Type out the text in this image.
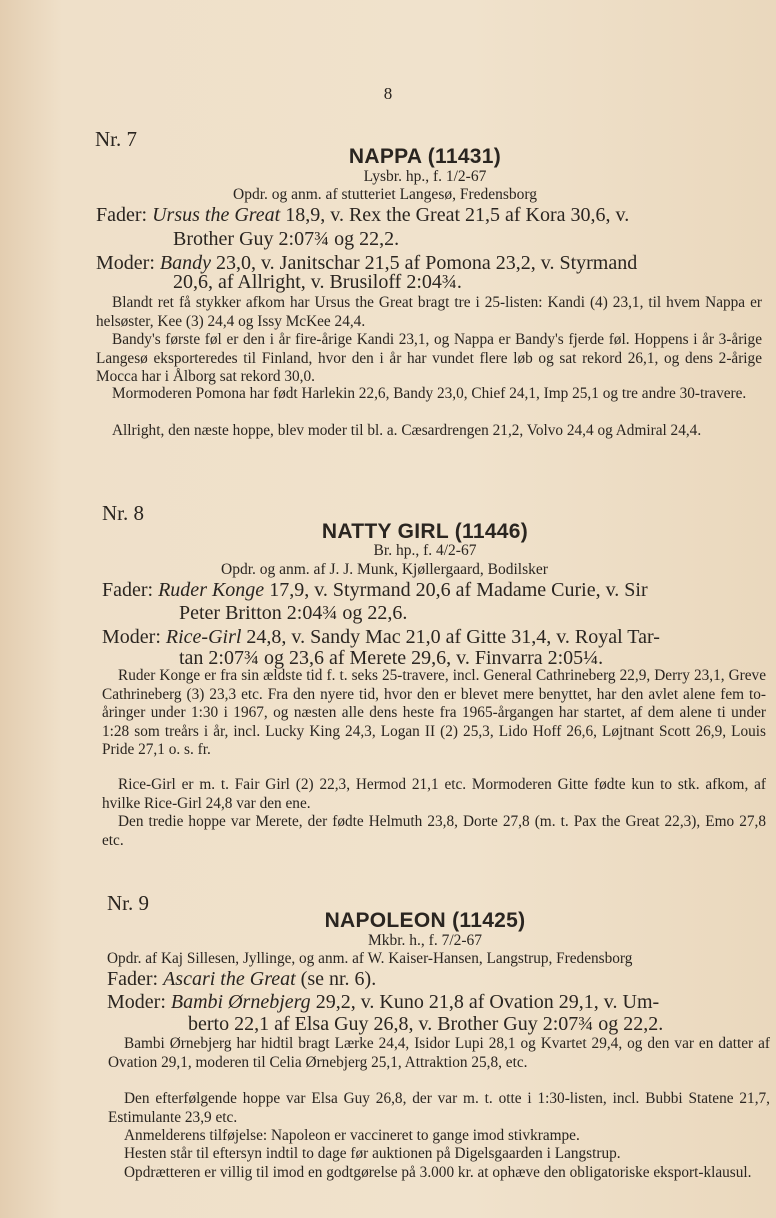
8
Nr. 7
NAPPA (11431)
Lysbr. hp., f. 1/2-67
Opdr. og anm. af stutteriet Langesø, Fredensborg
Fader: Ursus the Great 18,9, v. Rex the Great 21,5 af Kora 30,6, v.
Brother Guy 2:07¾ og 22,2.
Moder: Bandy 23,0, v. Janitschar 21,5 af Pomona 23,2, v. Styrmand
20,6, af Allright, v. Brusiloff 2:04¾.
Blandt ret få stykker afkom har Ursus the Great bragt tre i 25-listen: Kandi (4) 23,1, til hvem Nappa er helsøster, Kee (3) 24,4 og Issy McKee 24,4.
Bandy's første føl er den i år fire-årige Kandi 23,1, og Nappa er Bandy's fjerde føl. Hoppens i år 3-årige Langesø eksporteredes til Finland, hvor den i år har vundet flere løb og sat rekord 26,1, og dens 2-årige Mocca har i Ålborg sat rekord 30,0.
Mormoderen Pomona har født Harlekin 22,6, Bandy 23,0, Chief 24,1, Imp 25,1 og tre andre 30-travere.
Allright, den næste hoppe, blev moder til bl. a. Cæsardrengen 21,2, Volvo 24,4 og Admiral 24,4.
Nr. 8
NATTY GIRL (11446)
Br. hp., f. 4/2-67
Opdr. og anm. af J. J. Munk, Kjøllergaard, Bodilsker
Fader: Ruder Konge 17,9, v. Styrmand 20,6 af Madame Curie, v. Sir
Peter Britton 2:04¾ og 22,6.
Moder: Rice-Girl 24,8, v. Sandy Mac 21,0 af Gitte 31,4, v. Royal Tar-
tan 2:07¾ og 23,6 af Merete 29,6, v. Finvarra 2:05¼.
Ruder Konge er fra sin ældste tid f. t. seks 25-travere, incl. General Cathrineberg 22,9, Derry 23,1, Greve Cathrineberg (3) 23,3 etc. Fra den nyere tid, hvor den er blevet mere benyttet, har den avlet alene fem to-åringer under 1:30 i 1967, og næsten alle dens heste fra 1965-årgangen har startet, af dem alene ti under 1:28 som treårs i år, incl. Lucky King 24,3, Logan II (2) 25,3, Lido Hoff 26,6, Løjtnant Scott 26,9, Louis Pride 27,1 o. s. fr.
Rice-Girl er m. t. Fair Girl (2) 22,3, Hermod 21,1 etc. Mormoderen Gitte fødte kun to stk. afkom, af hvilke Rice-Girl 24,8 var den ene.
Den tredie hoppe var Merete, der fødte Helmuth 23,8, Dorte 27,8 (m. t. Pax the Great 22,3), Emo 27,8 etc.
Nr. 9
NAPOLEON (11425)
Mkbr. h., f. 7/2-67
Opdr. af Kaj Sillesen, Jyllinge, og anm. af W. Kaiser-Hansen, Langstrup, Fredensborg
Fader: Ascari the Great (se nr. 6).
Moder: Bambi Ørnebjerg 29,2, v. Kuno 21,8 af Ovation 29,1, v. Um-
berto 22,1 af Elsa Guy 26,8, v. Brother Guy 2:07¾ og 22,2.
Bambi Ørnebjerg har hidtil bragt Lærke 24,4, Isidor Lupi 28,1 og Kvartet 29,4, og den var en datter af Ovation 29,1, moderen til Celia Ørnebjerg 25,1, Attraktion 25,8, etc.
Den efterfølgende hoppe var Elsa Guy 26,8, der var m. t. otte i 1:30-listen, incl. Bubbi Statene 21,7, Estimulante 23,9 etc.
Anmelderens tilføjelse: Napoleon er vaccineret to gange imod stivkrampe.
Hesten står til eftersyn indtil to dage før auktionen på Digelsgaarden i Langstrup.
Opdrætteren er villig til imod en godtgørelse på 3.000 kr. at ophæve den obligatoriske eksport-klausul.
